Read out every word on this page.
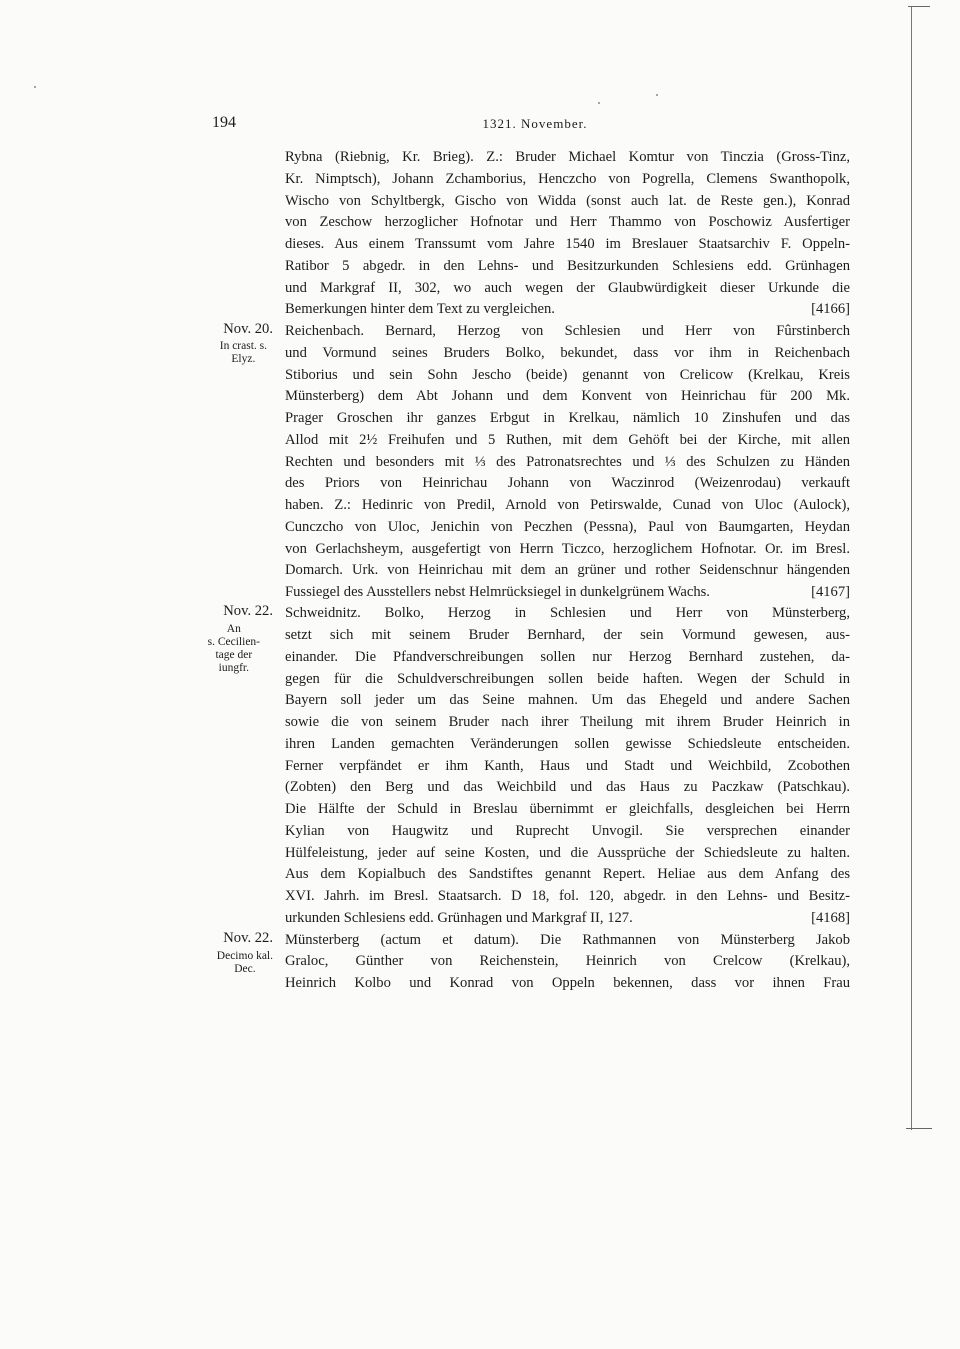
194	1321. November.
Rybna (Riebnig, Kr. Brieg). Z.: Bruder Michael Komtur von Tinczia (Gross-Tinz,
Kr. Nimptsch), Johann Zchamborius, Henczcho von Pogrella, Clemens Swanthopolk,
Wischo von Schyltbergk, Gischo von Widda (sonst auch lat. de Reste gen.), Konrad
von Zeschow herzoglicher Hofnotar und Herr Thammo von Poschowiz Ausfertiger
dieses. Aus einem Transsumt vom Jahre 1540 im Breslauer Staatsarchiv F. Oppeln-
Ratibor 5 abgedr. in den Lehns- und Besitzurkunden Schlesiens edd. Grünhagen
und Markgraf II, 302, wo auch wegen der Glaubwürdigkeit dieser Urkunde die
Bemerkungen hinter dem Text zu vergleichen.	[4166]
Nov. 20.
In crast. s.
Elyz.
Reichenbach. Bernard, Herzog von Schlesien und Herr von Fûrstinberch
und Vormund seines Bruders Bolko, bekundet, dass vor ihm in Reichenbach
Stiborius und sein Sohn Jescho (beide) genannt von Crelicow (Krelkau, Kreis
Münsterberg) dem Abt Johann und dem Konvent von Heinrichau für 200 Mk.
Prager Groschen ihr ganzes Erbgut in Krelkau, nämlich 10 Zinshufen und das
Allod mit 2½ Freihufen und 5 Ruthen, mit dem Gehöft bei der Kirche, mit allen
Rechten und besonders mit ⅓ des Patronatsrechtes und ⅓ des Schulzen zu Händen
des Priors von Heinrichau Johann von Waczinrod (Weizenrodau) verkauft
haben. Z.: Hedinric von Predil, Arnold von Petirswalde, Cunad von Uloc (Aulock),
Cunczcho von Uloc, Jenichin von Peczhen (Pessna), Paul von Baumgarten, Heydan
von Gerlachsheym, ausgefertigt von Herrn Ticzco, herzoglichem Hofnotar. Or. im Bresl.
Domarch. Urk. von Heinrichau mit dem an grüner und rother Seidenschnur hängenden
Fussiegel des Ausstellers nebst Helmrücksiegel in dunkelgrünem Wachs.	[4167]
Nov. 22.
An
s. Cecilien-
tage der
iungfr.
Schweidnitz. Bolko, Herzog in Schlesien und Herr von Münsterberg,
setzt sich mit seinem Bruder Bernhard, der sein Vormund gewesen, aus-
einander. Die Pfandverschreibungen sollen nur Herzog Bernhard zustehen, da-
gegen für die Schuldverschreibungen sollen beide haften. Wegen der Schuld in
Bayern soll jeder um das Seine mahnen. Um das Ehegeld und andere Sachen
sowie die von seinem Bruder nach ihrer Theilung mit ihrem Bruder Heinrich in
ihren Landen gemachten Veränderungen sollen gewisse Schiedsleute entscheiden.
Ferner verpfändet er ihm Kanth, Haus und Stadt und Weichbild, Zcobothen
(Zobten) den Berg und das Weichbild und das Haus zu Paczkaw (Patschkau).
Die Hälfte der Schuld in Breslau übernimmt er gleichfalls, desgleichen bei Herrn
Kylian von Haugwitz und Ruprecht Unvogil. Sie versprechen einander
Hülfeleistung, jeder auf seine Kosten, und die Aussprüche der Schiedsleute zu halten.
Aus dem Kopialbuch des Sandstiftes genannt Repert. Heliae aus dem Anfang des
XVI. Jahrh. im Bresl. Staatsarch. D 18, fol. 120, abgedr. in den Lehns- und Besitz-
urkunden Schlesiens edd. Grünhagen und Markgraf II, 127.	[4168]
Nov. 22.
Decimo kal.
Dec.
Münsterberg (actum et datum). Die Rathmannen von Münsterberg Jakob
Graloc, Günther von Reichenstein, Heinrich von Crelcow (Krelkau),
Heinrich Kolbo und Konrad von Oppeln bekennen, dass vor ihnen Frau
